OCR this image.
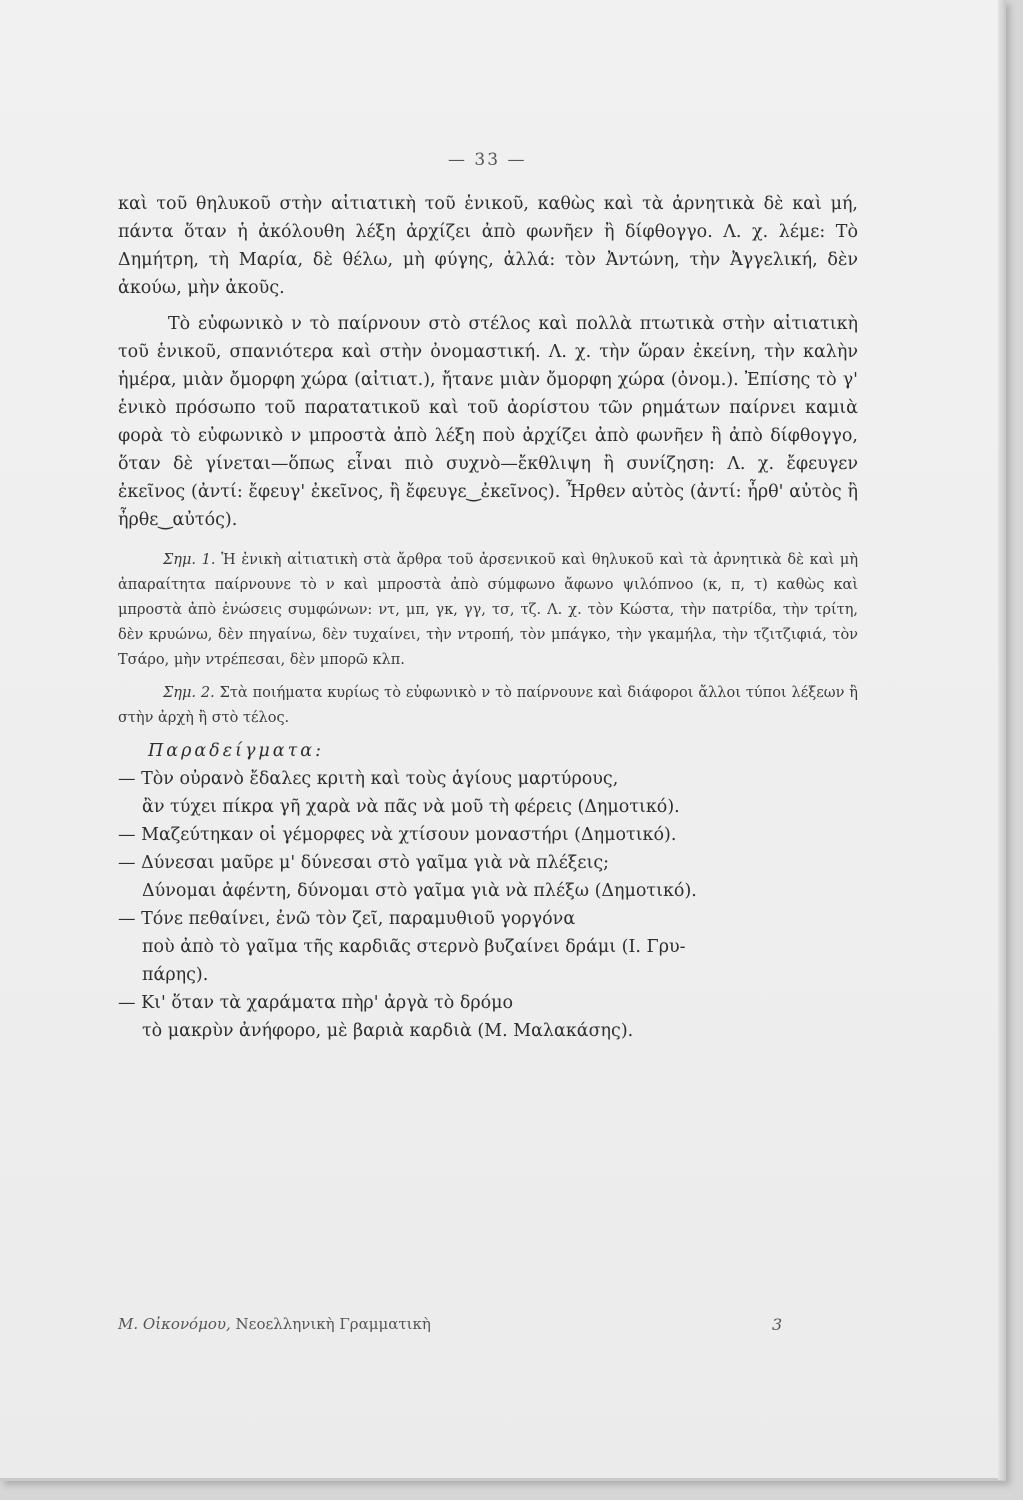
— 33 —

καὶ τοῦ θηλυκοῦ στὴν αἰτιατικὴ τοῦ ἑνικοῦ, καθὼς καὶ τὰ ἀρνητικὰ δὲ καὶ μή, πάντα ὅταν ἡ ἀκόλουθη λέξη ἀρχίζει ἀπὸ φωνῆεν ἢ δίφθογγο. Λ. χ. λέμε: Τὸ Δημήτρη, τὴ Μαρία, δὲ θέλω, μὴ φύγης, ἀλλά: τὸν Ἀντώνη, τὴν Ἀγγελική, δὲν ἀκούω, μὴν ἀκοῦς.

Τὸ εὐφωνικὸ ν τὸ παίρνουν στὸ στέλος καὶ πολλὰ πτωτικὰ στὴν αἰτιατικὴ τοῦ ἑνικοῦ, σπανιότερα καὶ στὴν ὀνομαστική. Λ. χ. τὴν ὥραν ἐκείνη, τὴν καλὴν ἡμέρα, μιὰν ὄμορφη χώρα (αἰτιατ.), ἤτανε μιὰν ὄμορφη χώρα (ὀνομ.). Ἐπίσης τὸ γ' ἑνικὸ πρόσωπο τοῦ παρατατικοῦ καὶ τοῦ ἀορίστου τῶν ρημάτων παίρνει καμιὰ φορὰ τὸ εὐφωνικὸ ν μπροστὰ ἀπὸ λέξη ποὺ ἀρχίζει ἀπὸ φωνῆεν ἢ ἀπὸ δίφθογγο, ὅταν δὲ γίνεται—ὅπως εἶναι πιὸ συχνὸ—ἔκθλιψη ἢ συνίζηση: Λ. χ. ἔφευγεν ἐκεῖνος (ἀντί: ἔφευγ' ἐκεῖνος, ἢ ἔφευγε‿ἐκεῖνος). Ἦρθεν αὐτὸς (ἀντί: ἦρθ' αὐτὸς ἢ ἦρθε‿αὐτός).

Σημ. 1. Ἡ ἑνικὴ αἰτιατικὴ στὰ ἄρθρα τοῦ ἀρσενικοῦ καὶ θηλυκοῦ καὶ τὰ ἀρνητικὰ δὲ καὶ μὴ ἀπαραίτητα παίρνουνε τὸ ν καὶ μπροστὰ ἀπὸ σύμφωνο ἄφωνο ψιλόπνοο (κ, π, τ) καθὼς καὶ μπροστὰ ἀπὸ ἑνώσεις συμφώνων: ντ, μπ, γκ, γγ, τσ, τζ. Λ. χ. τὸν Κώστα, τὴν πατρίδα, τὴν τρίτη, δὲν κρυώνω, δὲν πηγαίνω, δὲν τυχαίνει, τὴν ντροπή, τὸν μπάγκο, τὴν γκαμήλα, τὴν τζιτζιφιά, τὸν Τσάρο, μὴν ντρέπεσαι, δὲν μπορῶ κλπ.

Σημ. 2. Στὰ ποιήματα κυρίως τὸ εὐφωνικὸ ν τὸ παίρνουνε καὶ διάφοροι ἄλλοι τύποι λέξεων ἢ στὴν ἀρχὴ ἢ στὸ τέλος.

Παραδείγματα:

— Τὸν οὐρανὸ ἔδαλες κριτὴ καὶ τοὺς ἁγίους μαρτύρους,

ἂν τύχει πίκρα γῆ χαρὰ νὰ πᾶς νὰ μοῦ τὴ φέρεις (Δημοτικό).

— Μαζεύτηκαν οἱ γέμορφες νὰ χτίσουν μοναστήρι (Δημοτικό).

— Δύνεσαι μαῦρε μ' δύνεσαι στὸ γαῖμα γιὰ νὰ πλέξεις;

Δύνομαι ἀφέντη, δύνομαι στὸ γαῖμα γιὰ νὰ πλέξω (Δημοτικό).

— Τόνε πεθαίνει, ἐνῶ τὸν ζεῖ, παραμυθιοῦ γοργόνα

ποὺ ἀπὸ τὸ γαῖμα τῆς καρδιᾶς στερνὸ βυζαίνει δράμι (Ι. Γρυ-

πάρης).

— Κι' ὅταν τὰ χαράματα πὴρ' ἀργὰ τὸ δρόμο

τὸ μακρὺν ἀνήφορο, μὲ βαριὰ καρδιὰ (Μ. Μαλακάσης).

Μ. Οἰκονόμου, Νεοελληνικὴ Γραμματικὴ	3
